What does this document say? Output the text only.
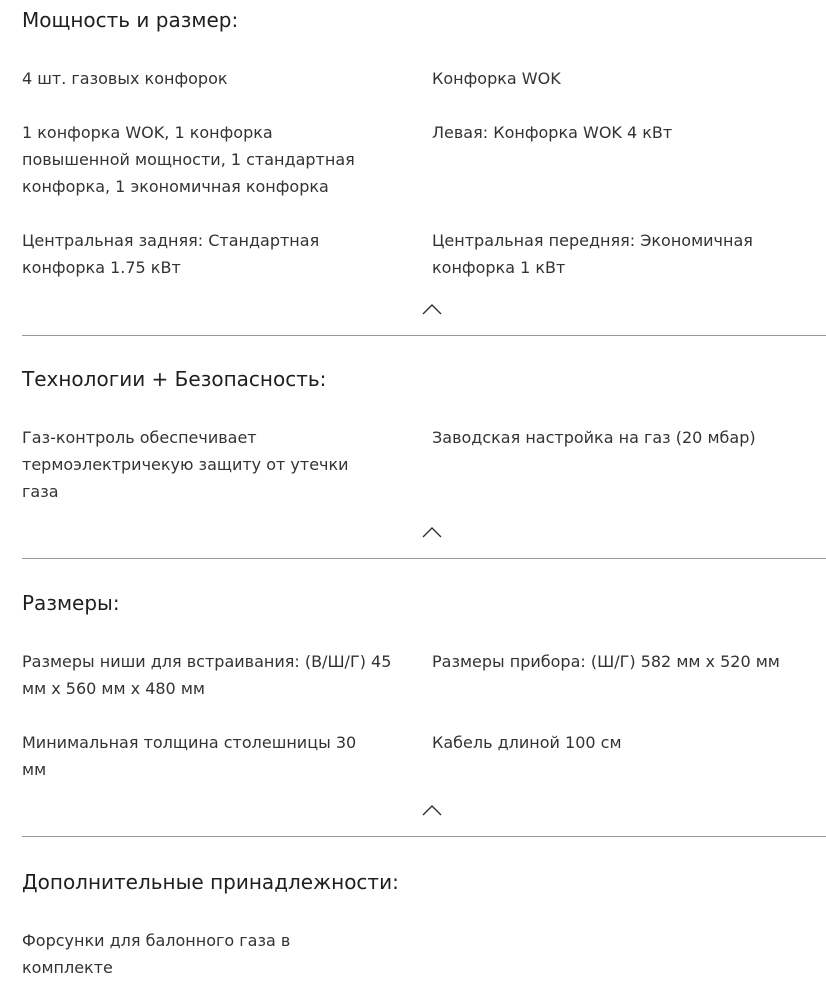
Мощность и размер:
4 шт. газовых конфорок	Конфорка WOK
1 конфорка WOK, 1 конфорка повышенной мощности, 1 стандартная конфорка, 1 экономичная конфорка
Левая: Конфорка WOK 4 кВт
Центральная задняя: Стандартная конфорка 1.75 кВт
Центральная передняя: Экономичная конфорка 1 кВт
Технологии + Безопасность:
Газ-контроль обеспечивает термоэлектричекую защиту от утечки газа
Заводская настройка на газ (20 мбар)
Размеры:
Размеры ниши для встраивания: (В/Ш/Г) 45 мм x 560 мм x 480 мм
Размеры прибора: (Ш/Г) 582 мм x 520 мм
Минимальная толщина столешницы 30 мм
Кабель длиной 100 см
Дополнительные принадлежности:
Форсунки для балонного газа в комплекте
